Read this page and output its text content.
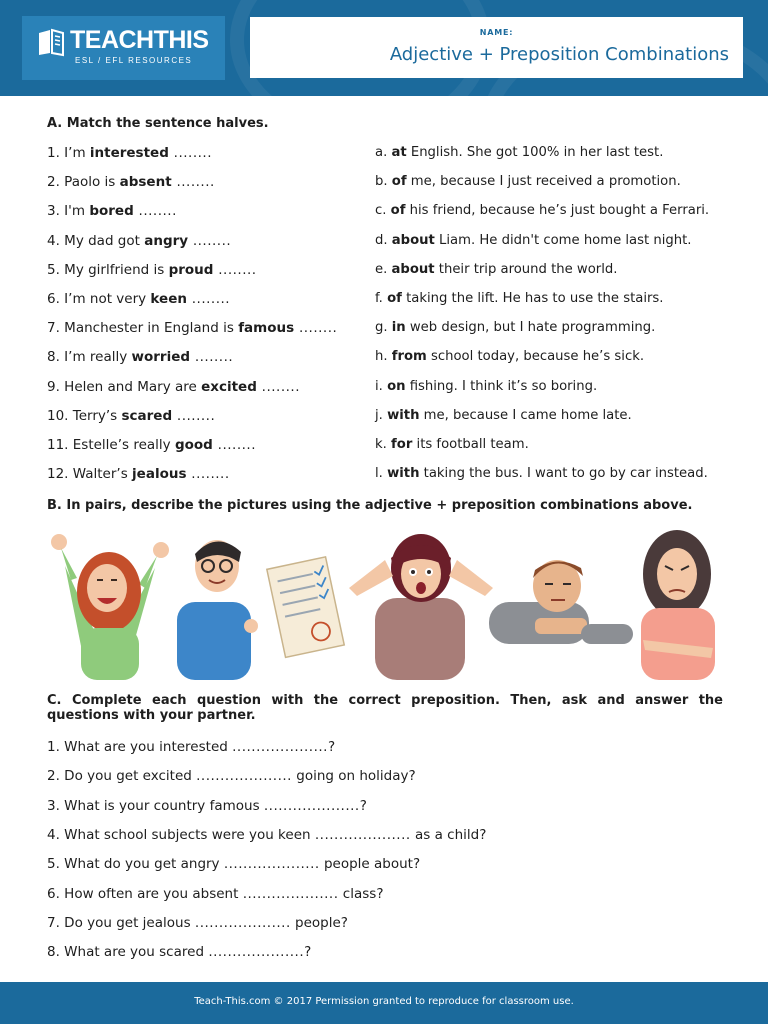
TEACHTHIS
ESL / EFL RESOURCES
NAME:
Adjective + Preposition Combinations
A. Match the sentence halves.
1. I’m interested ........
2. Paolo is absent ........
3. I'm bored ........
4. My dad got angry ........
5. My girlfriend is proud ........
6. I’m not very keen ........
7. Manchester in England is famous ........
8. I’m really worried ........
9. Helen and Mary are excited ........
10. Terry’s scared ........
11. Estelle’s really good ........
12. Walter’s jealous ........
a. at English. She got 100% in her last test.
b. of me, because I just received a promotion.
c. of his friend, because he’s just bought a Ferrari.
d. about Liam. He didn't come home last night.
e. about their trip around the world.
f. of taking the lift. He has to use the stairs.
g. in web design, but I hate programming.
h. from school today, because he’s sick.
i. on fishing. I think it’s so boring.
j. with me, because I came home late.
k. for its football team.
l. with taking the bus. I want to go by car instead.
B. In pairs, describe the pictures using the adjective + preposition combinations above.
C. Complete each question with the correct preposition. Then, ask and answer the
questions with your partner.
1. What are you interested ....................?
2. Do you get excited .................... going on holiday?
3. What is your country famous ....................?
4. What school subjects were you keen .................... as a child?
5. What do you get angry .................... people about?
6. How often are you absent .................... class?
7. Do you get jealous .................... people?
8. What are you scared ....................?
Teach-This.com © 2017 Permission granted to reproduce for classroom use.
